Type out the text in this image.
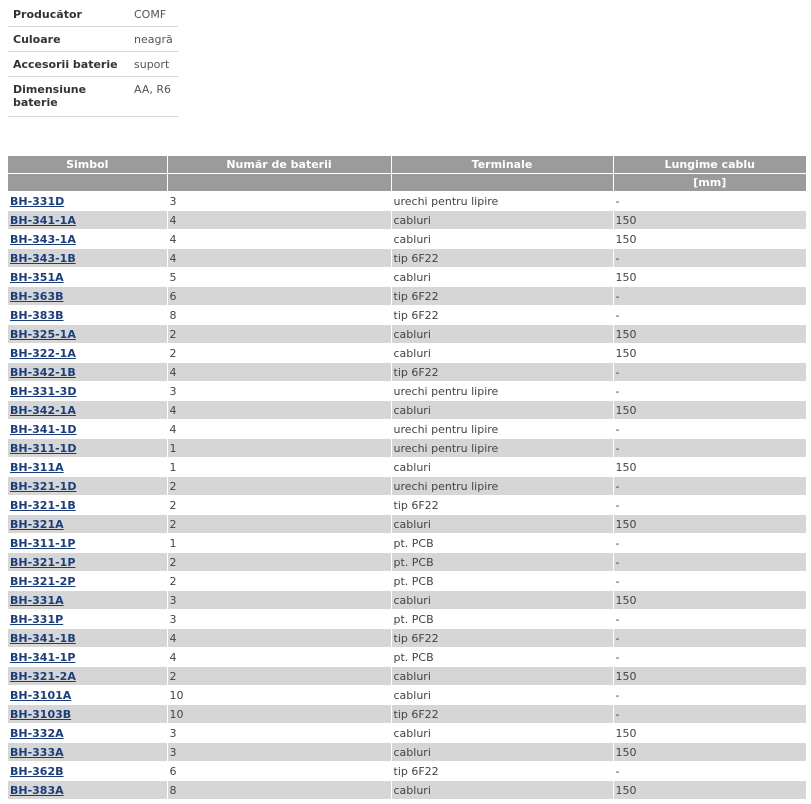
Producător	COMF
Culoare	neagră
Accesorii baterie	suport
Dimensiune baterie	AA, R6
Simbol	Număr de baterii	Terminale	Lungime cablu
			[mm]
BH-331D	3	urechi pentru lipire	-
BH-341-1A	4	cabluri	150
BH-343-1A	4	cabluri	150
BH-343-1B	4	tip 6F22	-
BH-351A	5	cabluri	150
BH-363B	6	tip 6F22	-
BH-383B	8	tip 6F22	-
BH-325-1A	2	cabluri	150
BH-322-1A	2	cabluri	150
BH-342-1B	4	tip 6F22	-
BH-331-3D	3	urechi pentru lipire	-
BH-342-1A	4	cabluri	150
BH-341-1D	4	urechi pentru lipire	-
BH-311-1D	1	urechi pentru lipire	-
BH-311A	1	cabluri	150
BH-321-1D	2	urechi pentru lipire	-
BH-321-1B	2	tip 6F22	-
BH-321A	2	cabluri	150
BH-311-1P	1	pt. PCB	-
BH-321-1P	2	pt. PCB	-
BH-321-2P	2	pt. PCB	-
BH-331A	3	cabluri	150
BH-331P	3	pt. PCB	-
BH-341-1B	4	tip 6F22	-
BH-341-1P	4	pt. PCB	-
BH-321-2A	2	cabluri	150
BH-3101A	10	cabluri	-
BH-3103B	10	tip 6F22	-
BH-332A	3	cabluri	150
BH-333A	3	cabluri	150
BH-362B	6	tip 6F22	-
BH-383A	8	cabluri	150
